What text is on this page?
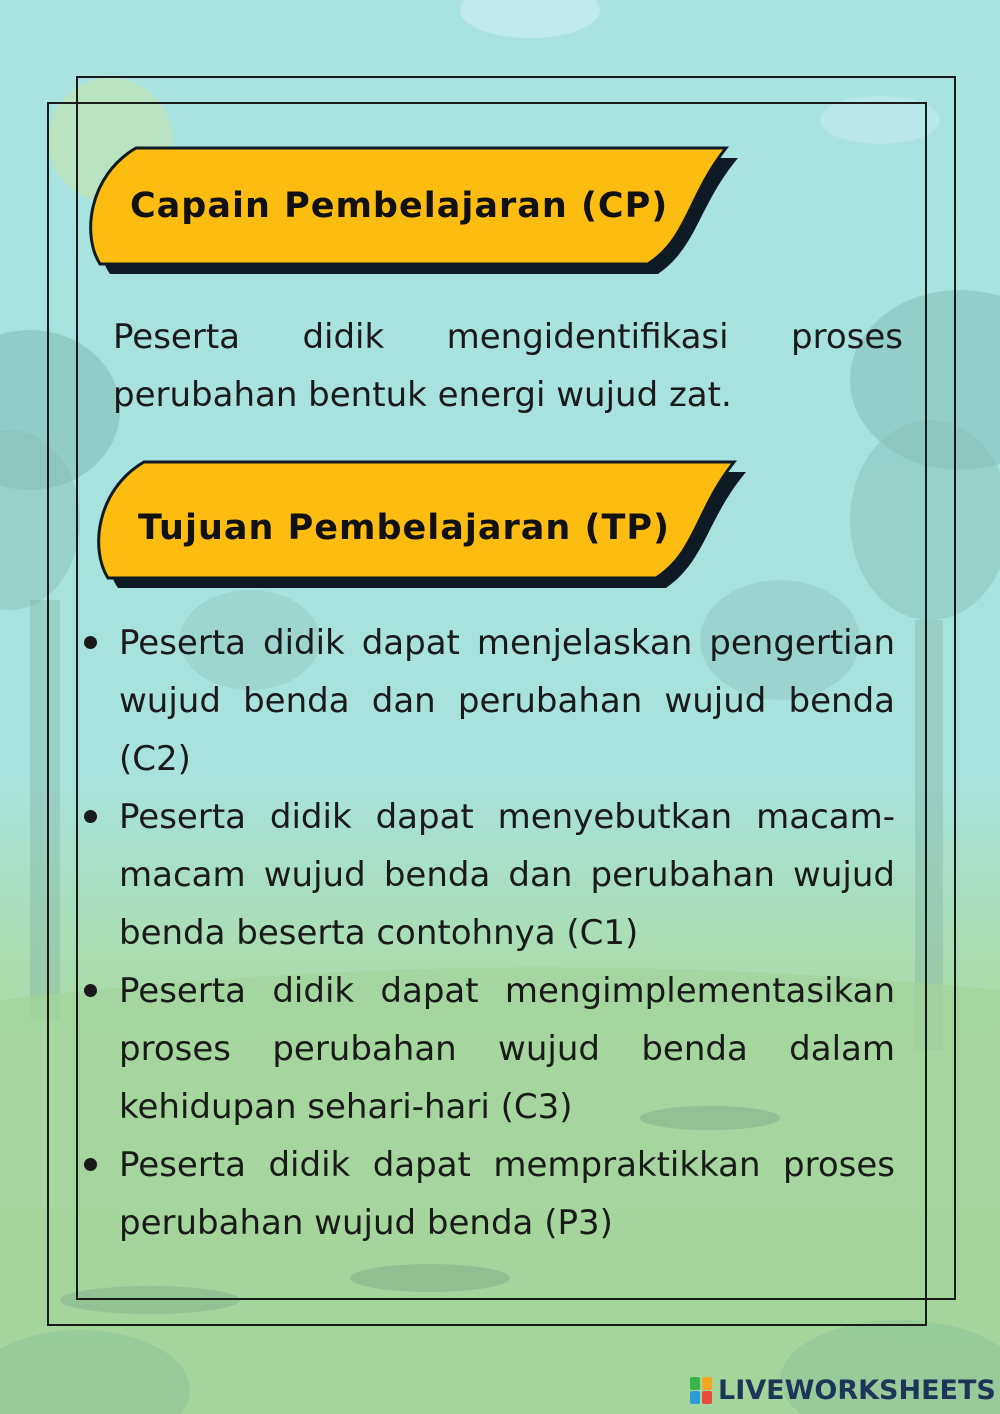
Capain Pembelajaran (CP)
Peserta didik mengidentifikasi proses perubahan bentuk energi wujud zat.
Tujuan Pembelajaran (TP)
Peserta didik dapat menjelaskan pengertian wujud benda dan perubahan wujud benda (C2)
Peserta didik dapat menyebutkan macam-macam wujud benda dan perubahan wujud benda beserta contohnya (C1)
Peserta didik dapat mengimplementasikan proses perubahan wujud benda dalam kehidupan sehari-hari (C3)
Peserta didik dapat mempraktikkan proses perubahan wujud benda (P3)
LIVEWORKSHEETS
